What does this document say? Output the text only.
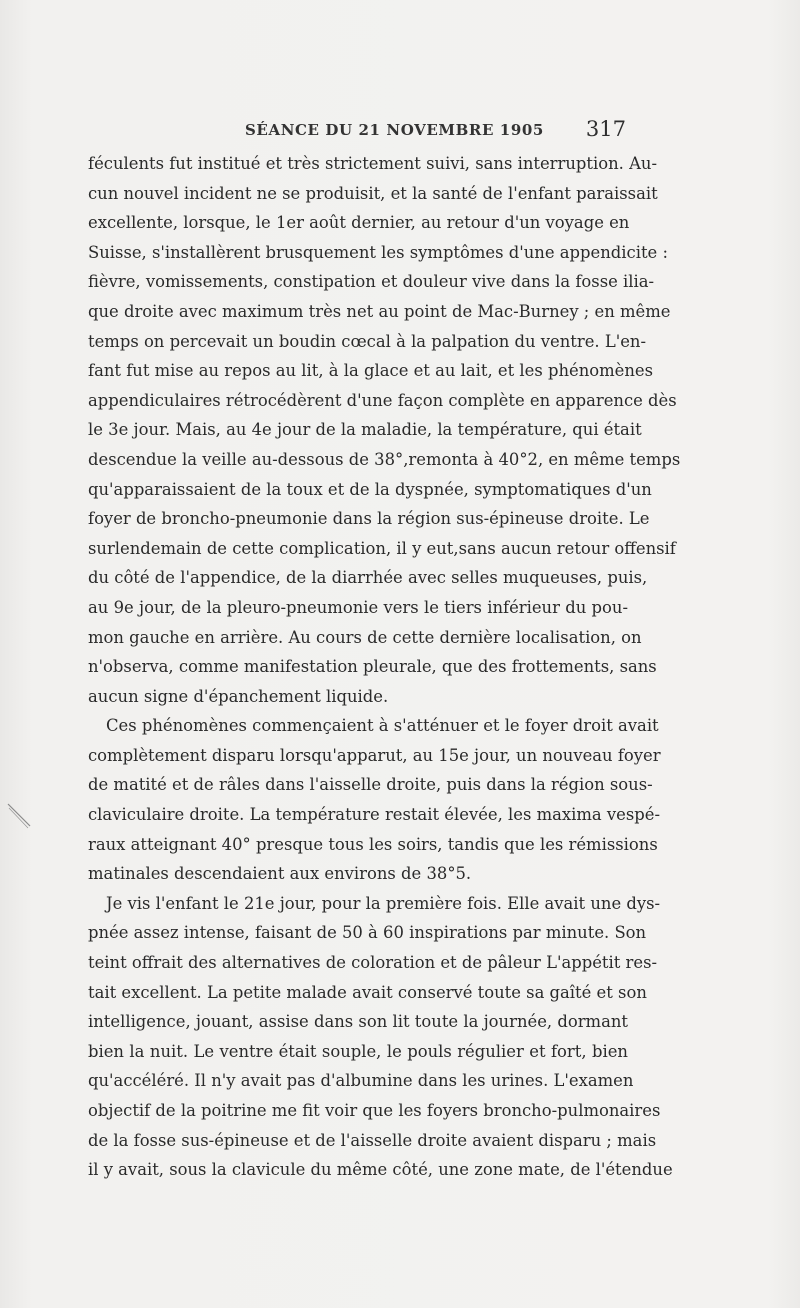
SÉANCE DU 21 NOVEMBRE 1905 317
féculents fut institué et très strictement suivi, sans interruption. Au-
cun nouvel incident ne se produisit, et la santé de l'enfant paraissait
excellente, lorsque, le 1er août dernier, au retour d'un voyage en
Suisse, s'installèrent brusquement les symptômes d'une appendicite :
fièvre, vomissements, constipation et douleur vive dans la fosse ilia-
que droite avec maximum très net au point de Mac-Burney ; en même
temps on percevait un boudin cœcal à la palpation du ventre. L'en-
fant fut mise au repos au lit, à la glace et au lait, et les phénomènes
appendiculaires rétrocédèrent d'une façon complète en apparence dès
le 3e jour. Mais, au 4e jour de la maladie, la température, qui était
descendue la veille au-dessous de 38°,remonta à 40°2, en même temps
qu'apparaissaient de la toux et de la dyspnée, symptomatiques d'un
foyer de broncho-pneumonie dans la région sus-épineuse droite. Le
surlendemain de cette complication, il y eut,sans aucun retour offensif
du côté de l'appendice, de la diarrhée avec selles muqueuses, puis,
au 9e jour, de la pleuro-pneumonie vers le tiers inférieur du pou-
mon gauche en arrière. Au cours de cette dernière localisation, on
n'observa, comme manifestation pleurale, que des frottements, sans
aucun signe d'épanchement liquide.
Ces phénomènes commençaient à s'atténuer et le foyer droit avait
complètement disparu lorsqu'apparut, au 15e jour, un nouveau foyer
de matité et de râles dans l'aisselle droite, puis dans la région sous-
claviculaire droite. La température restait élevée, les maxima vespé-
raux atteignant 40° presque tous les soirs, tandis que les rémissions
matinales descendaient aux environs de 38°5.
Je vis l'enfant le 21e jour, pour la première fois. Elle avait une dys-
pnée assez intense, faisant de 50 à 60 inspirations par minute. Son
teint offrait des alternatives de coloration et de pâleur L'appétit res-
tait excellent. La petite malade avait conservé toute sa gaîté et son
intelligence, jouant, assise dans son lit toute la journée, dormant
bien la nuit. Le ventre était souple, le pouls régulier et fort, bien
qu'accéléré. Il n'y avait pas d'albumine dans les urines. L'examen
objectif de la poitrine me fit voir que les foyers broncho-pulmonaires
de la fosse sus-épineuse et de l'aisselle droite avaient disparu ; mais
il y avait, sous la clavicule du même côté, une zone mate, de l'étendue
